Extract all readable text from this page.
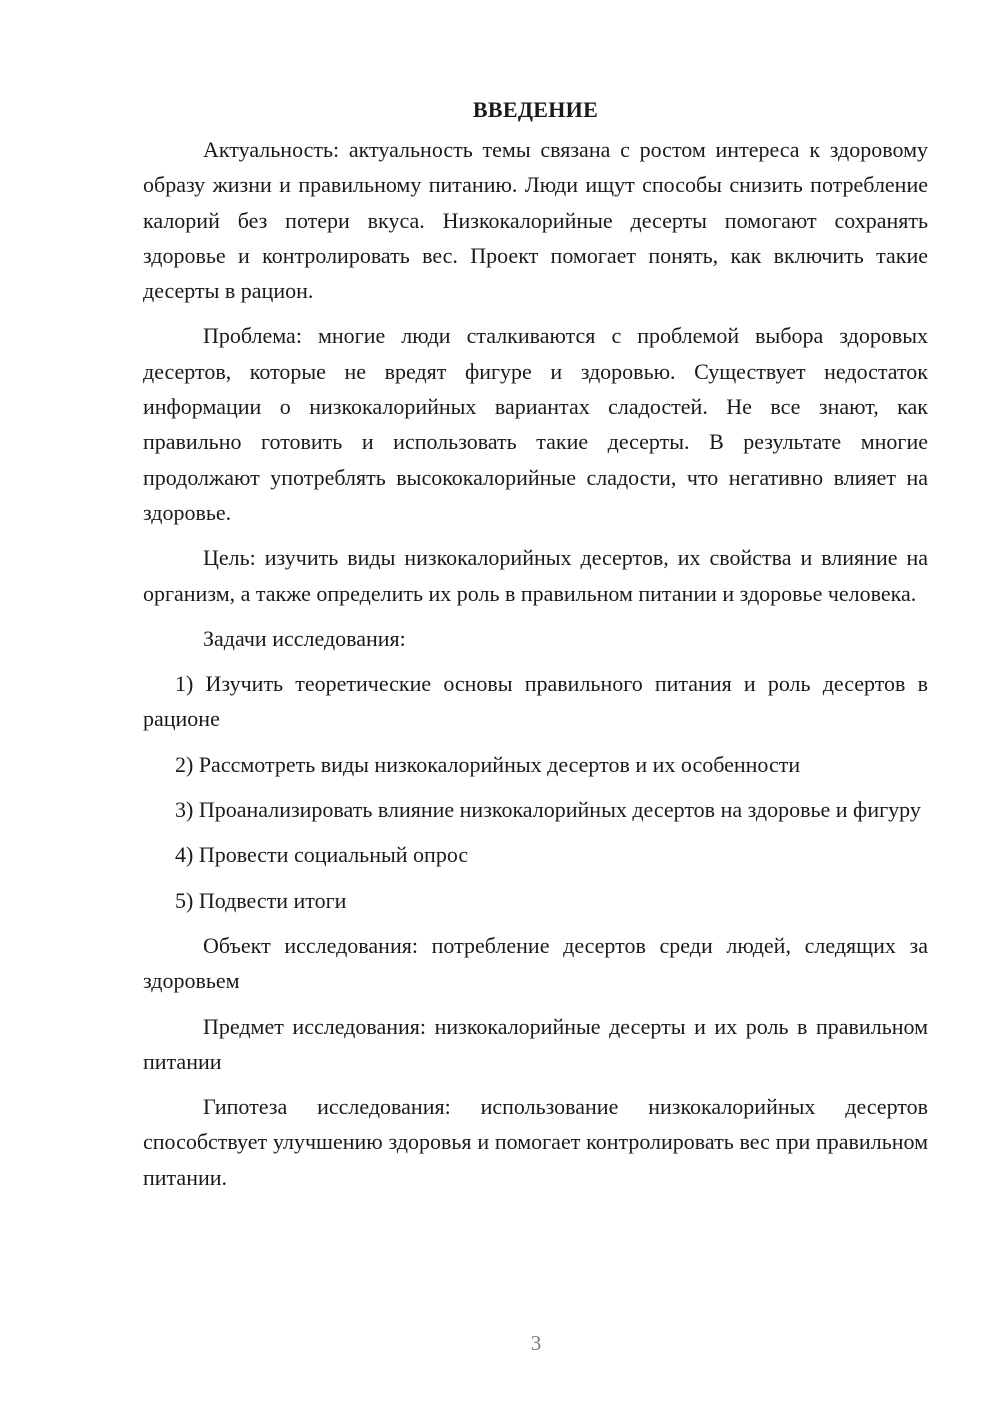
ВВЕДЕНИЕ

Актуальность: актуальность темы связана с ростом интереса к здоровому образу жизни и правильному питанию. Люди ищут способы снизить потребление калорий без потери вкуса. Низкокалорийные десерты помогают сохранять здоровье и контролировать вес. Проект помогает понять, как включить такие десерты в рацион.

Проблема: многие люди сталкиваются с проблемой выбора здоровых десертов, которые не вредят фигуре и здоровью. Существует недостаток информации о низкокалорийных вариантах сладостей. Не все знают, как правильно готовить и использовать такие десерты. В результате многие продолжают употреблять высококалорийные сладости, что негативно влияет на здоровье.

Цель: изучить виды низкокалорийных десертов, их свойства и влияние на организм, а также определить их роль в правильном питании и здоровье человека.

Задачи исследования:

1) Изучить теоретические основы правильного питания и роль десертов в рационе

2) Рассмотреть виды низкокалорийных десертов и их особенности

3) Проанализировать влияние низкокалорийных десертов на здоровье и фигуру

4) Провести социальный опрос

5) Подвести итоги

Объект исследования: потребление десертов среди людей, следящих за здоровьем

Предмет исследования: низкокалорийные десерты и их роль в правильном питании

Гипотеза исследования: использование низкокалорийных десертов способствует улучшению здоровья и помогает контролировать вес при правильном питании.

3
